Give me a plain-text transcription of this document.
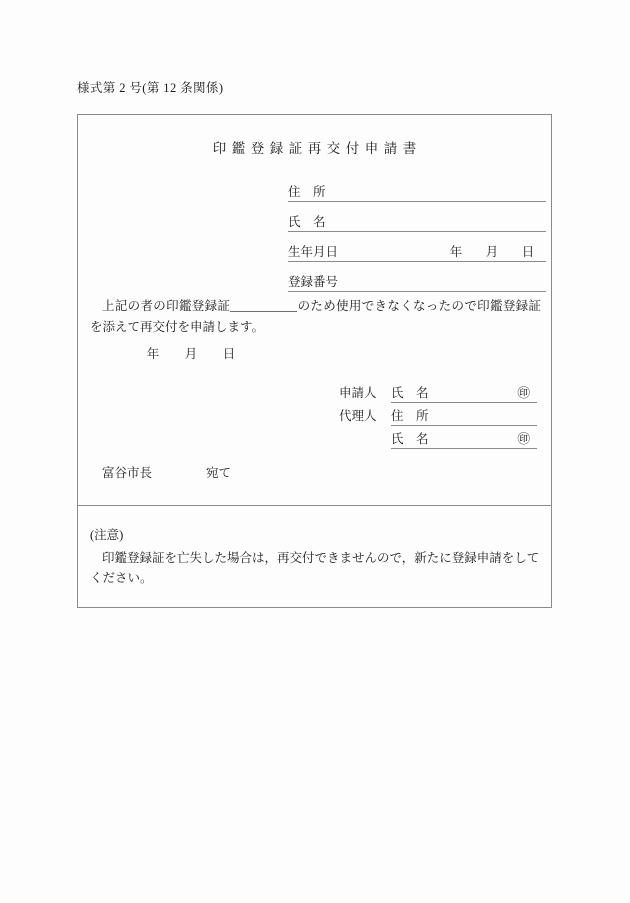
様式第 2 号(第 12 条関係)
印鑑登録証再交付申請書
住　所
氏　名
生年月日	年	月	日
登録番号
上記の者の印鑑登録証	のため使用できなくなったので印鑑登録証を添えて再交付を申請します。
年 月 日
申請人	氏　名	㊞
代理人	住　所
氏　名	㊞
富谷市長	宛て
(注意)
印鑑登録証を亡失した場合は，再交付できませんので，新たに登録申請をしてください。
